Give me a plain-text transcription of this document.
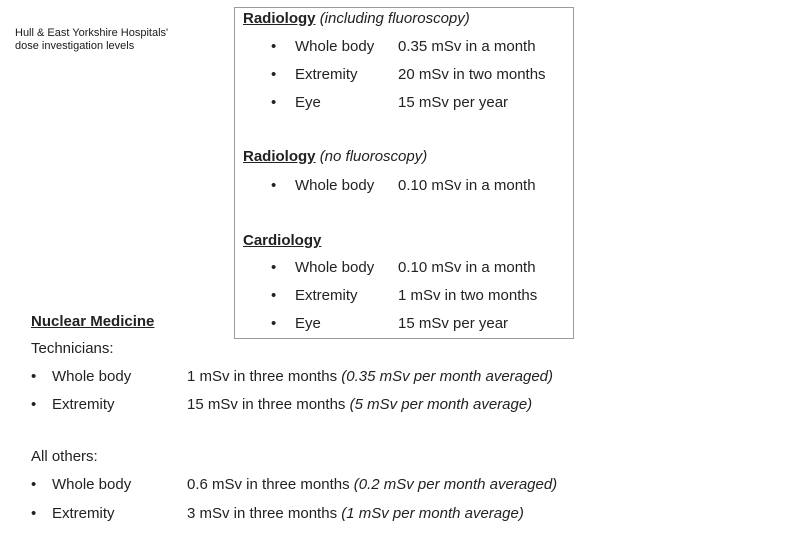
Hull & East Yorkshire Hospitals'
dose investigation levels
Radiology (including fluoroscopy)
• Whole body 0.35 mSv in a month
• Extremity	20 mSv in two months
• Eye	15 mSv per year
Radiology (no fluoroscopy)
• Whole body 0.10 mSv in a month
Cardiology
• Whole body 0.10 mSv in a month
• Extremity	1 mSv in two months
• Eye	15 mSv per year
Nuclear Medicine
Technicians:
• Whole body	1 mSv in three months (0.35 mSv per month averaged)
• Extremity	15 mSv in three months (5 mSv per month average)
All others:
• Whole body	0.6 mSv in three months (0.2 mSv per month averaged)
• Extremity	3 mSv in three months (1 mSv per month average)
